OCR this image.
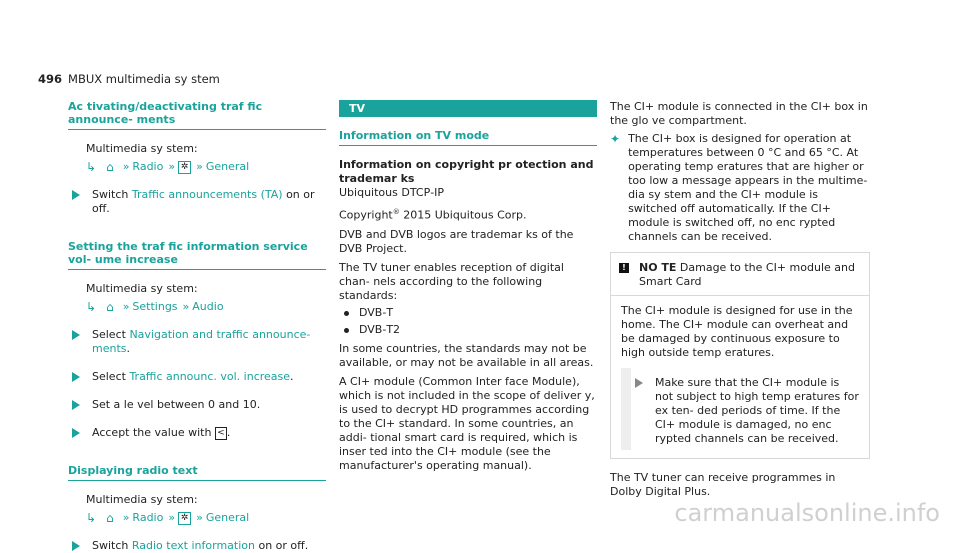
496 MBUX multimedia sy stem
Ac tivating/deactivating traf fic announce‑ ments
Multimedia sy stem:
↳ ⌂ » Radio » ✲ » General
Switch Traffic announcements (TA) on or off.
Setting the traf fic information service vol‑ ume increase
Multimedia sy stem:
↳ ⌂ » Settings » Audio
Select Navigation and traffic announce‑ ments.
Select Traffic announc. vol. increase.
Set a le vel between 0 and 10.
Accept the value with < .
Displaying radio text
Multimedia sy stem:
↳ ⌂ » Radio » ✲ » General
Switch Radio text information on or off.
TV
Information on TV mode
Information on copyright pr otection and trademar ks
Ubiquitous DTCP‑IP
Copyright® 2015 Ubiquitous Corp.
DVB and DVB logos are trademar ks of the DVB Project.
The TV tuner enables reception of digital chan‑ nels according to the following standards:
DVB‑T
DVB‑T2
In some countries, the standards may not be available, or may not be available in all areas.
A CI+ module (Common Inter face Module), which is not included in the scope of deliver y, is used to decrypt HD programmes according to the CI+ standard. In some countries, an addi‑ tional smart card is required, which is inser ted into the CI+ module (see the manufacturer's operating manual).
The CI+ module is connected in the CI+ box in the glo ve compartment.
✦ The CI+ box is designed for operation at temperatures between 0 °C and 65 °C. At operating temp eratures that are higher or too low a message appears in the multime‑ dia sy stem and the CI+ module is switched off automatically. If the CI+ module is switched off, no enc rypted channels can be received.
! NO TE Damage to the CI+ module and Smart Card
The CI+ module is designed for use in the home. The CI+ module can overheat and be damaged by continuous exposure to high outside temp eratures.
Make sure that the CI+ module is not subject to high temp eratures for ex ten‑ ded periods of time. If the CI+ module is damaged, no enc rypted channels can be received.
The TV tuner can receive programmes in Dolby Digital Plus.
carmanualsonline.info
